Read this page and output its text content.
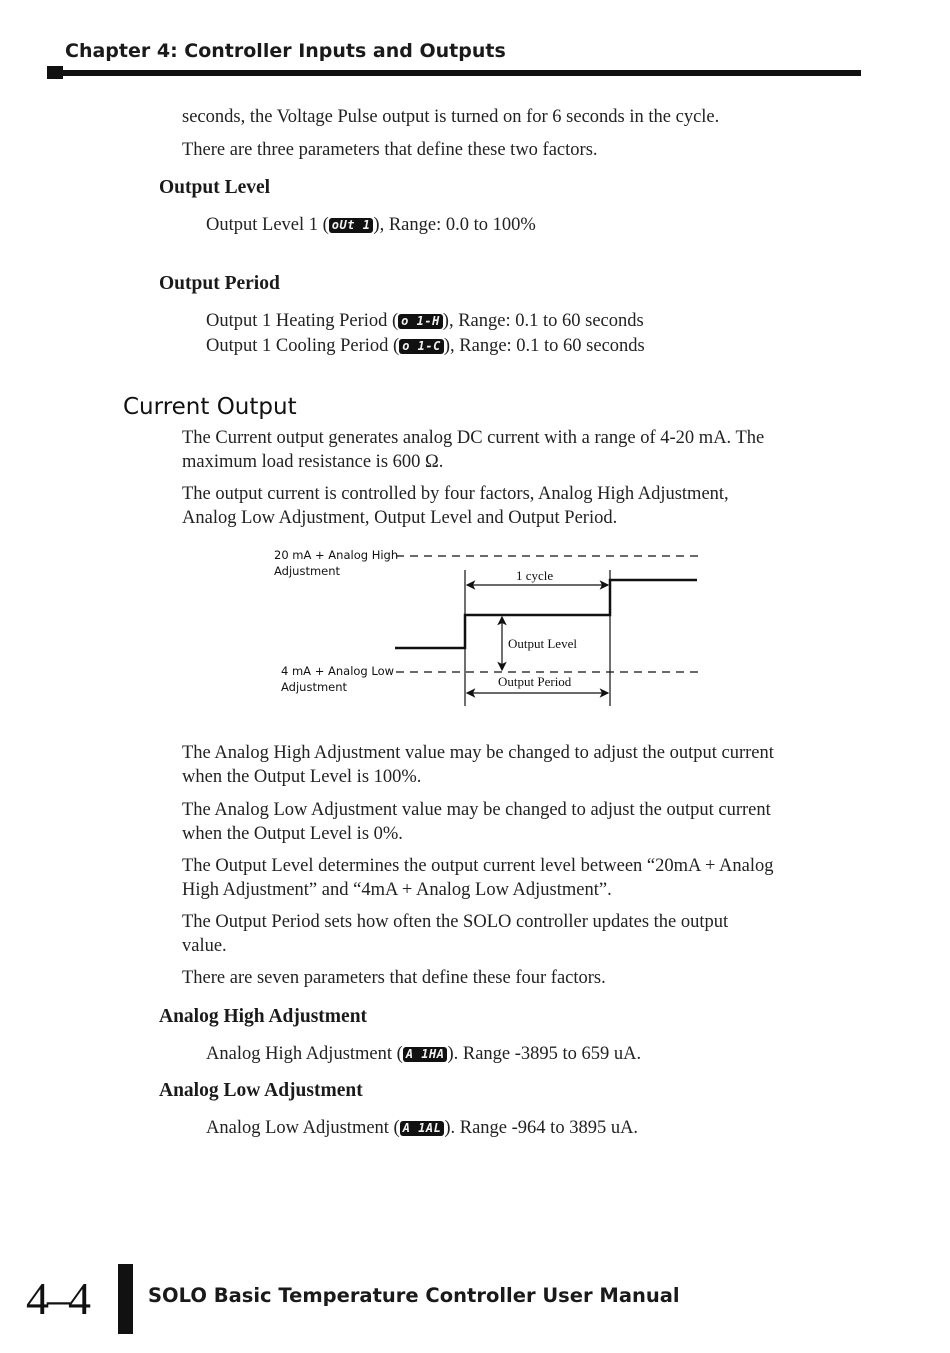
Chapter 4: Controller Inputs and Outputs

seconds, the Voltage Pulse output is turned on for 6 seconds in the cycle.

There are three parameters that define these two factors.

Output Level

Output Level 1 ( oUt 1 ), Range: 0.0 to 100%

Output Period

Output 1 Heating Period ( o 1-H ), Range: 0.1 to 60 seconds

Output 1 Cooling Period ( o 1-C ), Range: 0.1 to 60 seconds

Current Output

The Current output generates analog DC current with a range of 4-20 mA. The

maximum load resistance is 600 Ω.

The output current is controlled by four factors, Analog High Adjustment,

Analog Low Adjustment, Output Level and Output Period.

20 mA + Analog High
Adjustment
4 mA + Analog Low
Adjustment
1 cycle
Output Level
Output Period

The Analog High Adjustment value may be changed to adjust the output current

when the Output Level is 100%.

The Analog Low Adjustment value may be changed to adjust the output current

when the Output Level is 0%.

The Output Level determines the output current level between “20mA + Analog

High Adjustment” and “4mA + Analog Low Adjustment”.

The Output Period sets how often the SOLO controller updates the output

value.

There are seven parameters that define these four factors.

Analog High Adjustment

Analog High Adjustment ( A 1HA ). Range -3895 to 659 uA.

Analog Low Adjustment

Analog Low Adjustment ( A 1AL ). Range -964 to 3895 uA.

4–4	SOLO Basic Temperature Controller User Manual
